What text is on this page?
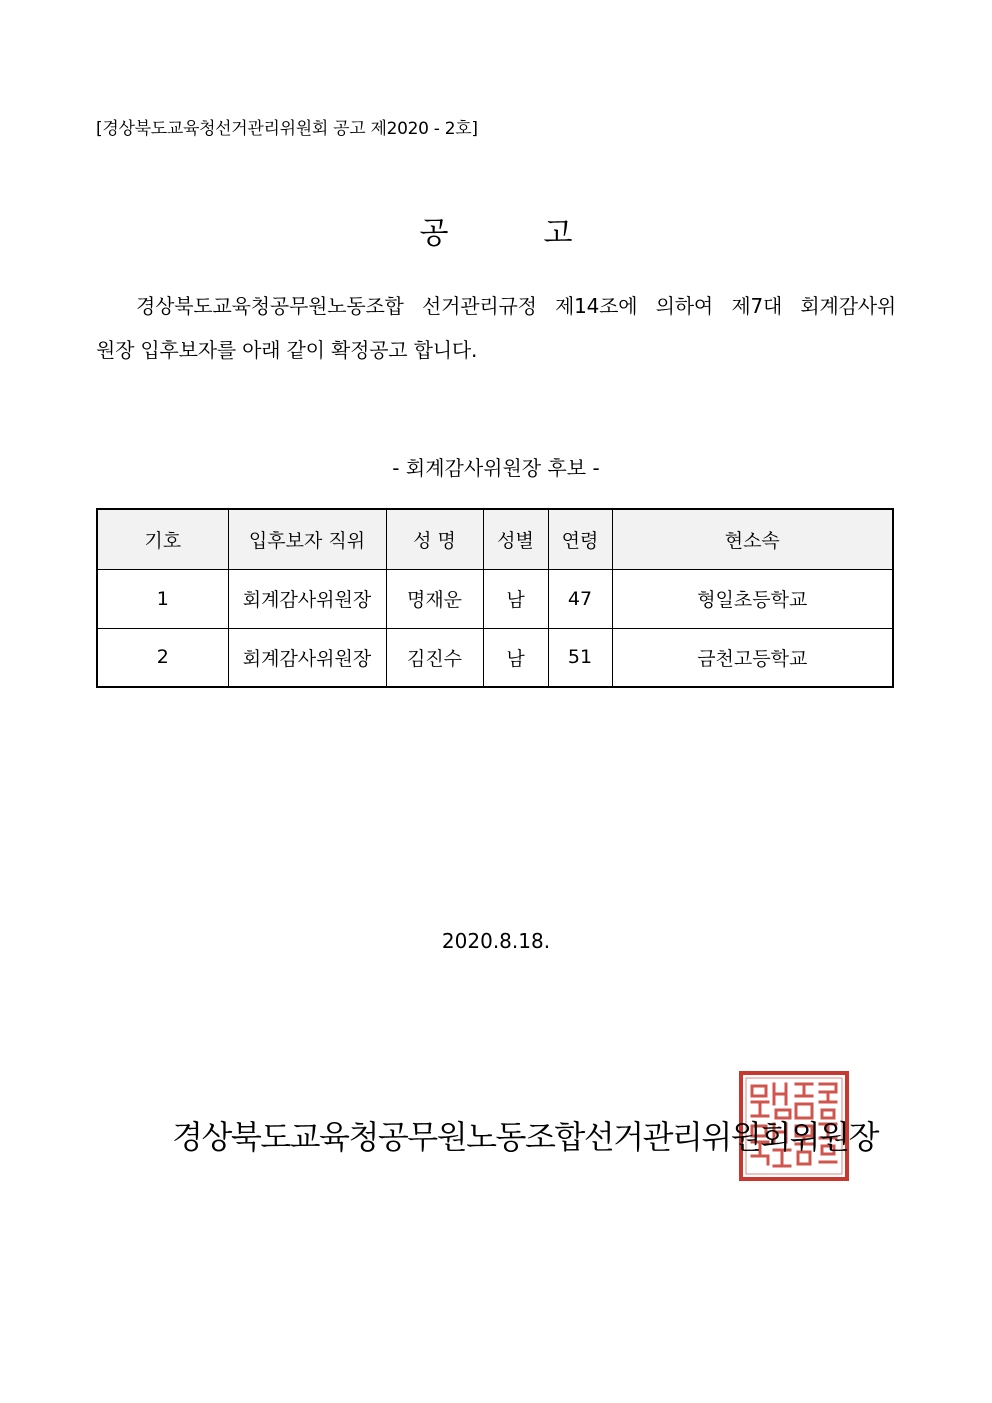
[경상북도교육청선거관리위원회 공고 제2020 - 2호]
공	고
경상북도교육청공무원노동조합 선거관리규정 제14조에 의하여 제7대 회계감사위
원장 입후보자를 아래 같이 확정공고 합니다.
- 회계감사위원장 후보 -
기호	입후보자 직위	성 명	성별	연령	현소속
1	회계감사위원장	명재운	남	47	형일초등학교
2	회계감사위원장	김진수	남	51	금천고등학교
2020.8.18.
경상북도교육청공무원노동조합선거관리위원회위원장
